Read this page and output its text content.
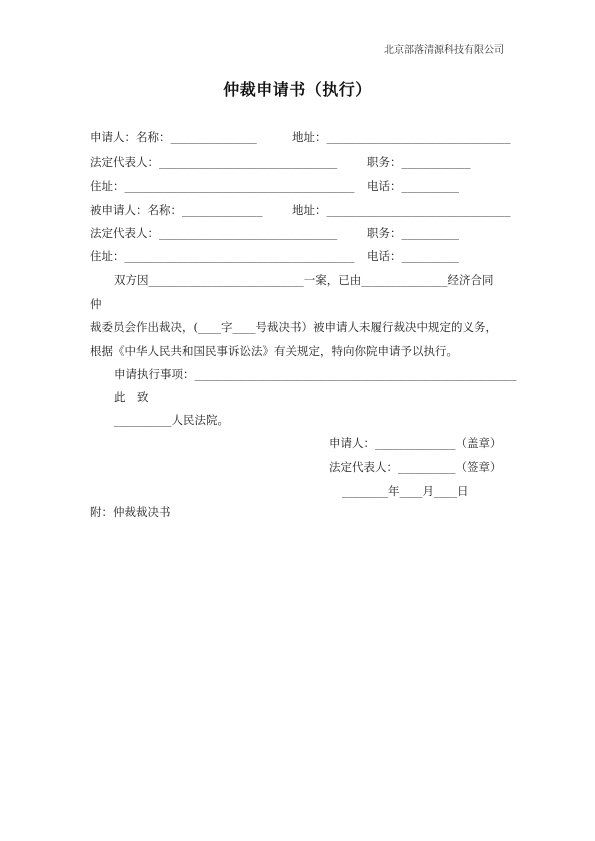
北京部落清源科技有限公司
仲裁申请书（执行）
申请人：名称：_______________	地址：________________________________
法定代表人：_______________________________	职务：____________
住址：________________________________________ 电话：__________
被申请人：名称：______________	地址：________________________________
法定代表人：_______________________________	职务：__________
住址：________________________________________ 电话：__________
双方因___________________________一案，已由_______________经济合同
仲
裁委员会作出裁决，(____字____号裁决书）被申请人未履行裁决中规定的义务，
根据《中华人民共和国民事诉讼法》有关规定，特向你院申请予以执行。
申请执行事项：________________________________________________________
此　致
__________人民法院。
申请人：______________（盖章）
法定代表人：__________（签章）
________年____月____日
附：仲裁裁决书
